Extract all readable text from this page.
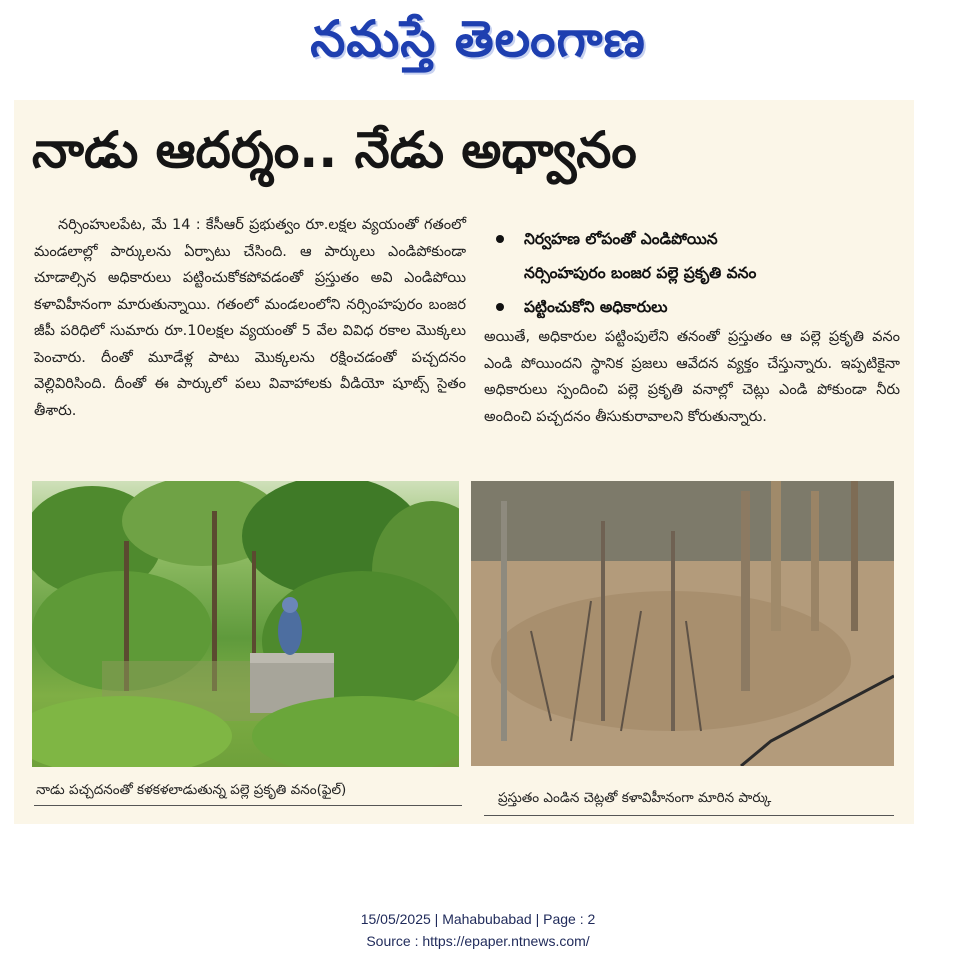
నమస్తే తెలంగాణ
నాడు ఆదర్శం.. నేడు అధ్వానం

నర్సింహులపేట, మే 14 : కేసీఆర్ ప్రభుత్వం రూ.లక్షల వ్యయంతో గతంలో మండలాల్లో పార్కులను ఏర్పాటు చేసింది. ఆ పార్కులు ఎండిపోకుండా చూడాల్సిన అధికారులు పట్టించుకోకపోవడంతో ప్రస్తుతం అవి ఎండిపోయి కళావిహీనంగా మారుతున్నాయి. గతంలో మండలంలోని నర్సింహపురం బంజర జీపీ పరిధిలో సుమారు రూ.10లక్షల వ్యయంతో 5 వేల వివిధ రకాల మొక్కలు పెంచారు. దీంతో మూడేళ్ల పాటు మొక్కలను రక్షించడంతో పచ్చదనం వెల్లివిరిసింది. దీంతో ఈ పార్కులో పలు వివాహాలకు వీడియో షూట్స్ సైతం తీశారు.

నిర్వహణ లోపంతో ఎండిపోయిన
నర్సింహపురం బంజర పల్లె ప్రకృతి వనం
పట్టించుకోని అధికారులు

అయితే, అధికారుల పట్టింపులేని తనంతో ప్రస్తుతం ఆ పల్లె ప్రకృతి వనం ఎండి పోయిందని స్థానిక ప్రజలు ఆవేదన వ్యక్తం చేస్తున్నారు. ఇప్పటికైనా అధికారులు స్పందించి పల్లె ప్రకృతి వనాల్లో చెట్లు ఎండి పోకుండా నీరు అందించి పచ్చదనం తీసుకురావాలని కోరుతున్నారు.

నాడు పచ్చదనంతో కళకళలాడుతున్న పల్లె ప్రకృతి వనం(ఫైల్)	ప్రస్తుతం ఎండిన చెట్లతో కళావిహీనంగా మారిన పార్కు
15/05/2025 | Mahabubabad | Page : 2
Source : https://epaper.ntnews.com/
